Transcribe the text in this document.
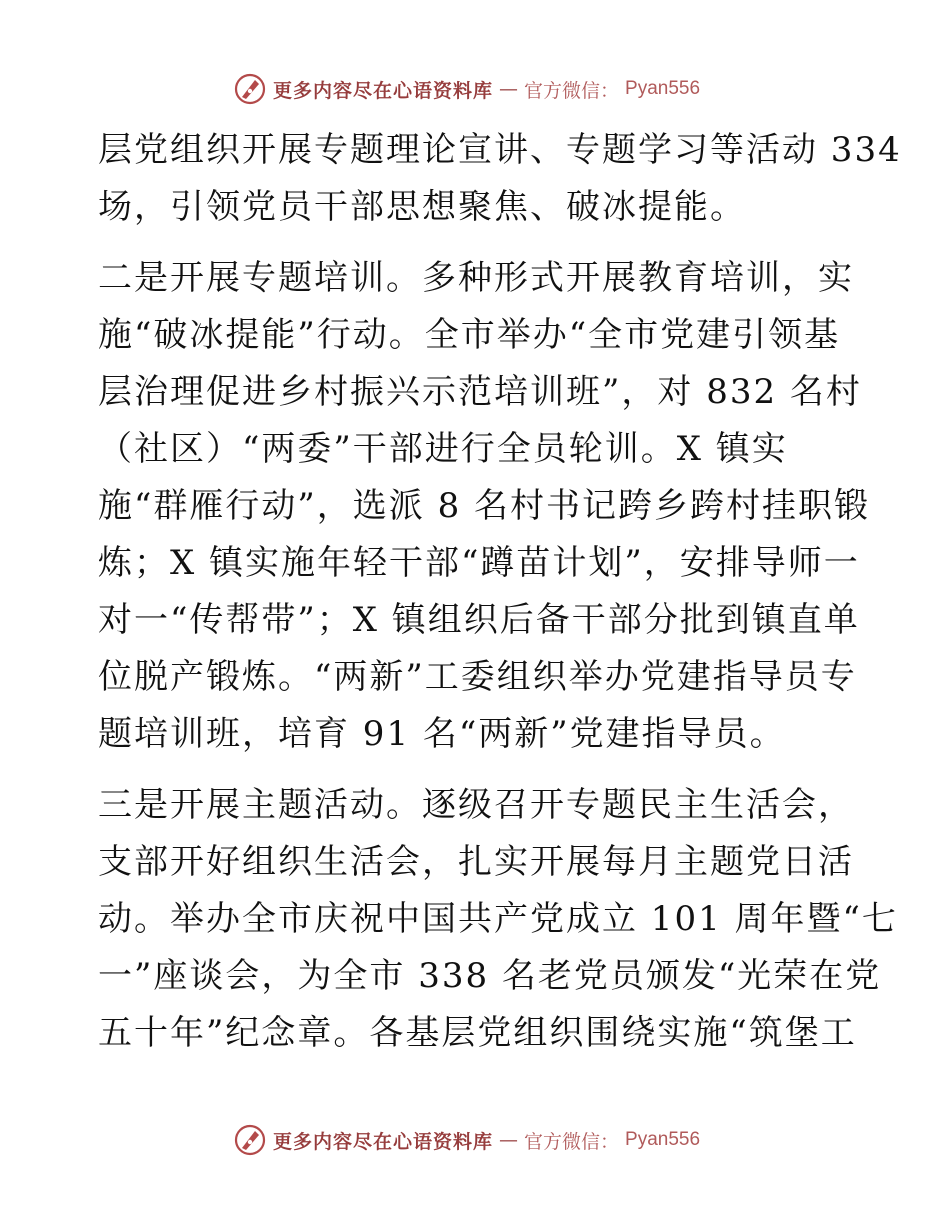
更多内容尽在心语资料库 — 官方微信： Pyan556
层党组织开展专题理论宣讲、专题学习等活动 334
场，引领党员干部思想聚焦、破冰提能。
二是开展专题培训。多种形式开展教育培训，实
施“破冰提能”行动。全市举办“全市党建引领基
层治理促进乡村振兴示范培训班”，对 832 名村
（社区）“两委”干部进行全员轮训。X 镇实
施“群雁行动”，选派 8 名村书记跨乡跨村挂职锻
炼；X 镇实施年轻干部“蹲苗计划”，安排导师一
对一“传帮带”；X 镇组织后备干部分批到镇直单
位脱产锻炼。“两新”工委组织举办党建指导员专
题培训班，培育 91 名“两新”党建指导员。
三是开展主题活动。逐级召开专题民主生活会，
支部开好组织生活会，扎实开展每月主题党日活
动。举办全市庆祝中国共产党成立 101 周年暨“七
一”座谈会，为全市 338 名老党员颁发“光荣在党
五十年”纪念章。各基层党组织围绕实施“筑堡工
更多内容尽在心语资料库 — 官方微信： Pyan556
